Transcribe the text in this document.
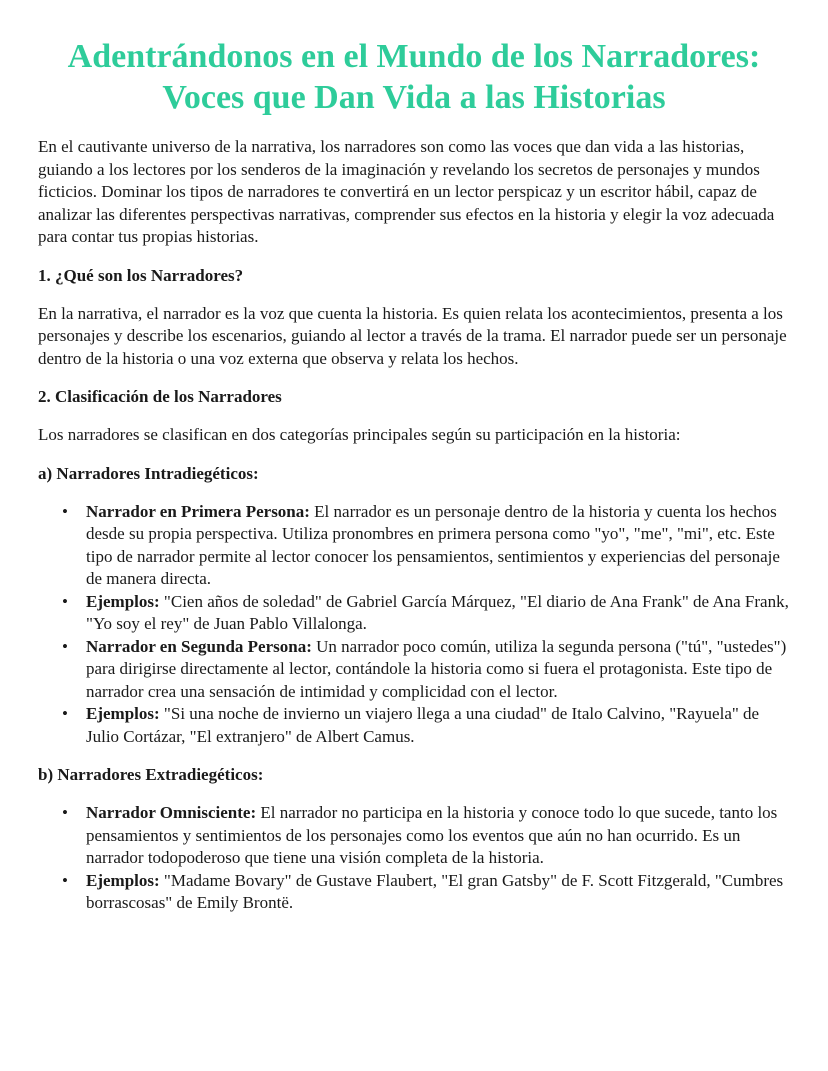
Adentrándonos en el Mundo de los Narradores:
Voces que Dan Vida a las Historias

En el cautivante universo de la narrativa, los narradores son como las voces que dan vida a las historias, guiando a los lectores por los senderos de la imaginación y revelando los secretos de personajes y mundos ficticios. Dominar los tipos de narradores te convertirá en un lector perspicaz y un escritor hábil, capaz de analizar las diferentes perspectivas narrativas, comprender sus efectos en la historia y elegir la voz adecuada para contar tus propias historias.

1. ¿Qué son los Narradores?

En la narrativa, el narrador es la voz que cuenta la historia. Es quien relata los acontecimientos, presenta a los personajes y describe los escenarios, guiando al lector a través de la trama. El narrador puede ser un personaje dentro de la historia o una voz externa que observa y relata los hechos.

2. Clasificación de los Narradores

Los narradores se clasifican en dos categorías principales según su participación en la historia:

a) Narradores Intradiegéticos:
• Narrador en Primera Persona: El narrador es un personaje dentro de la historia y cuenta los hechos desde su propia perspectiva. Utiliza pronombres en primera persona como "yo", "me", "mi", etc. Este tipo de narrador permite al lector conocer los pensamientos, sentimientos y experiencias del personaje de manera directa.
• Ejemplos: "Cien años de soledad" de Gabriel García Márquez, "El diario de Ana Frank" de Ana Frank, "Yo soy el rey" de Juan Pablo Villalonga.
• Narrador en Segunda Persona: Un narrador poco común, utiliza la segunda persona ("tú", "ustedes") para dirigirse directamente al lector, contándole la historia como si fuera el protagonista. Este tipo de narrador crea una sensación de intimidad y complicidad con el lector.
• Ejemplos: "Si una noche de invierno un viajero llega a una ciudad" de Italo Calvino, "Rayuela" de Julio Cortázar, "El extranjero" de Albert Camus.
b) Narradores Extradiegéticos:
• Narrador Omnisciente: El narrador no participa en la historia y conoce todo lo que sucede, tanto los pensamientos y sentimientos de los personajes como los eventos que aún no han ocurrido. Es un narrador todopoderoso que tiene una visión completa de la historia.
• Ejemplos: "Madame Bovary" de Gustave Flaubert, "El gran Gatsby" de F. Scott Fitzgerald, "Cumbres borrascosas" de Emily Brontë.
